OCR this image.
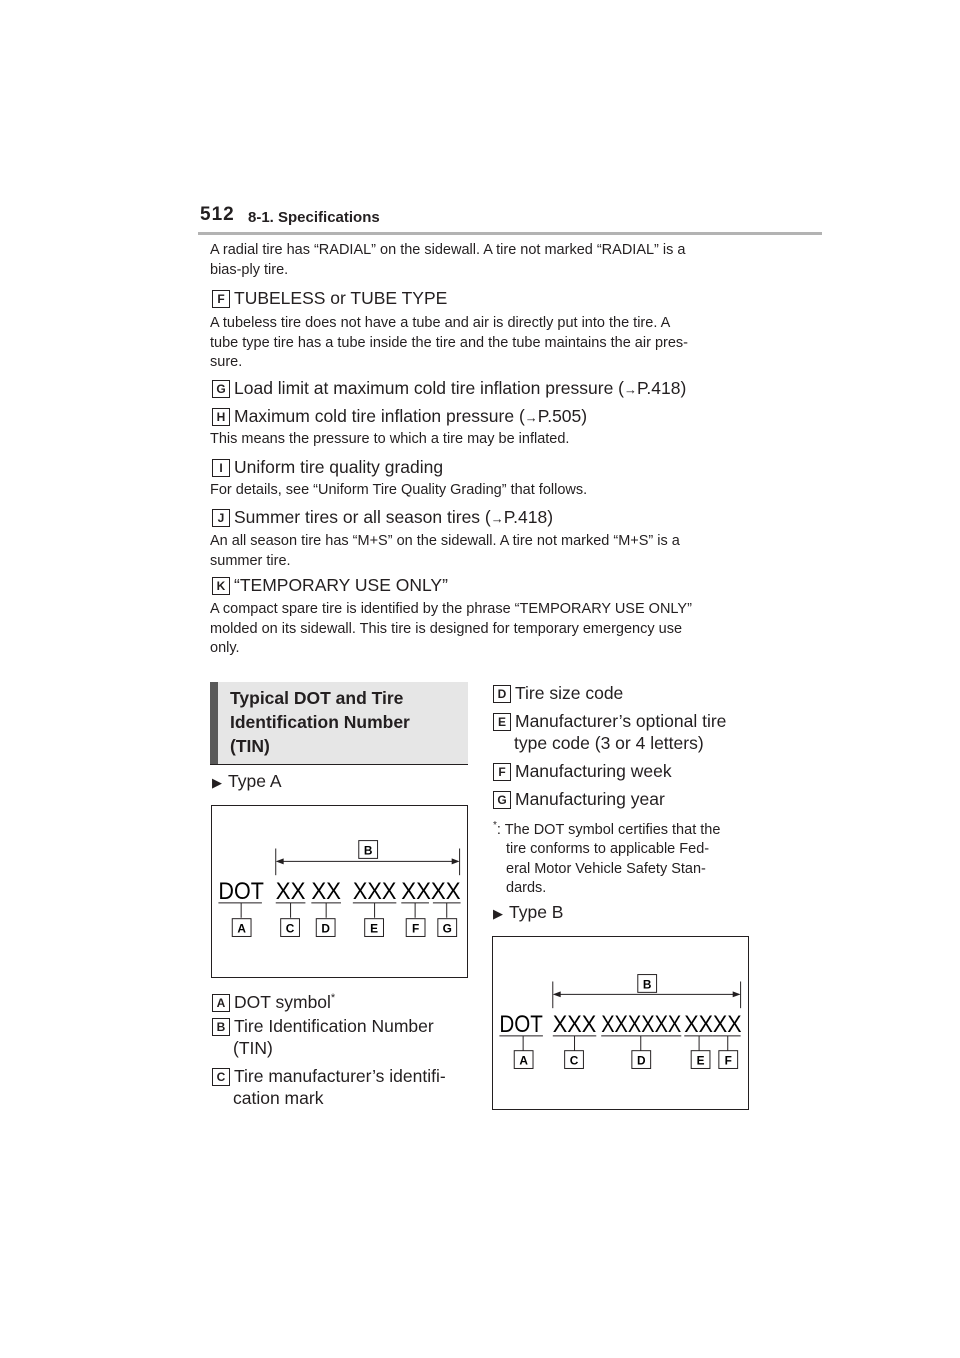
512 8-1. Specifications
A radial tire has “RADIAL” on the sidewall. A tire not marked “RADIAL” is a
bias-ply tire.
F TUBELESS or TUBE TYPE
A tubeless tire does not have a tube and air is directly put into the tire. A
tube type tire has a tube inside the tire and the tube maintains the air pres-
sure.
G Load limit at maximum cold tire inflation pressure (→P.418)
H Maximum cold tire inflation pressure (→P.505)
This means the pressure to which a tire may be inflated.
I Uniform tire quality grading
For details, see “Uniform Tire Quality Grading” that follows.
J Summer tires or all season tires (→P.418)
An all season tire has “M+S” on the sidewall. A tire not marked “M+S” is a
summer tire.
K “TEMPORARY USE ONLY”
A compact spare tire is identified by the phrase “TEMPORARY USE ONLY”
molded on its sidewall. This tire is designed for temporary emergency use
only.
Typical DOT and Tire
Identification Number
(TIN)
▶ Type A
B
DOT XX XX XXX XXXX
A	C D	E	F G
A DOT symbol*
B Tire Identification Number
(TIN)
C Tire manufacturer’s identifi-
cation mark
D Tire size code
E Manufacturer’s optional tire
type code (3 or 4 letters)
F Manufacturing week
G Manufacturing year
*: The DOT symbol certifies that the
tire conforms to applicable Fed-
eral Motor Vehicle Safety Stan-
dards.
▶ Type B
B
DOT XXX XXXXXX XXXX
A	C	D	E F
